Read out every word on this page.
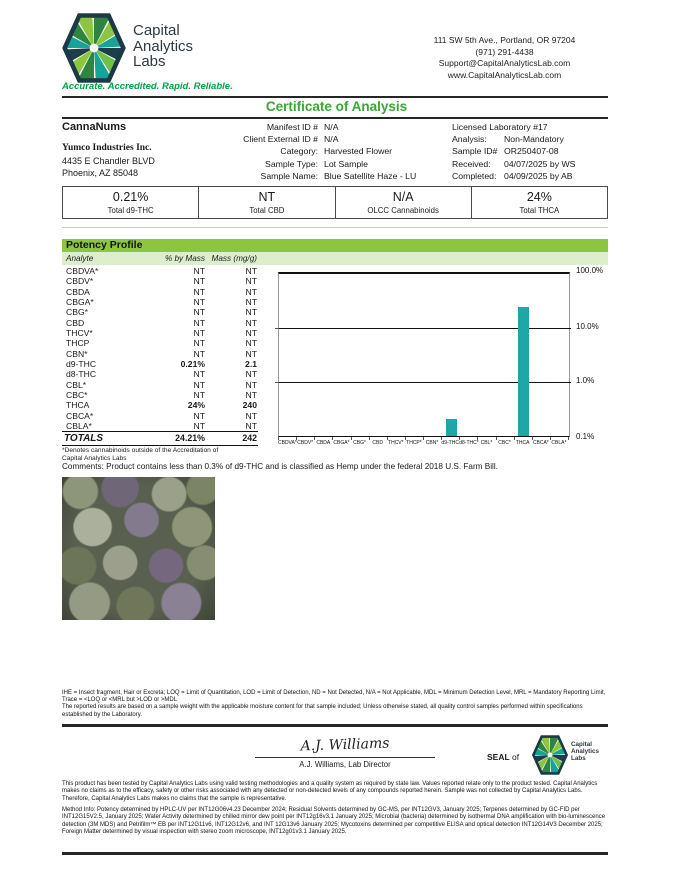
Capital
Analytics
Labs
111 SW 5th Ave., Portland, OR 97204
(971) 291-4438
Support@CapitalAnalyticsLab.com
www.CapitalAnalyticsLab.com
Accurate. Accredited. Rapid. Reliable.
Certificate of Analysis
CannaNums
Yumco Industries Inc.
4435 E Chandler BLVD
Phoenix, AZ 85048
Manifest ID # N/A
Client External ID # N/A
Category: Harvested Flower
Sample Type: Lot Sample
Sample Name: Blue Satellite Haze - LU
Licensed Laboratory #17
Analysis:	Non-Mandatory
Sample ID# OR250407-08
Received:	04/07/2025 by WS
Completed: 04/09/2025 by AB
0.21%
Total d9-THC
NT
Total CBD
N/A
OLCC Cannabinoids
24%
Total THCA
Potency Profile
Analyte	% by Mass Mass (mg/g)
CBDVA*	NT	NT
CBDV*	NT	NT
CBDA	NT	NT
CBGA*	NT	NT
CBG*	NT	NT
CBD	NT	NT
THCV*	NT	NT
THCP	NT	NT
CBN*	NT	NT
d9-THC	0.21%	2.1
d8-THC	NT	NT
CBL*	NT	NT
CBC*	NT	NT
THCA	24%	240
CBCA*	NT	NT
CBLA*	NT	NT
TOTALS	24.21%	242
*Denotes cannabinoids outside of the Accreditation of Capital Analytics Labs
100.0%
10.0%
1.0%
0.1%
CBDVA* CBDV* CBDA CBGA* CBG*	CBD	THCV* THCP* CBN* d9-THC d8-THC* CBL*	CBC*	THCA CBCA* CBLA*
Comments: Product contains less than 0.3% of d9-THC and is classified as Hemp under the federal 2018 U.S. Farm Bill.

IHE = Insect fragment, Hair or Excreta; LOQ = Limit of Quantitation, LOD = Limit of Detection, ND = Not Detected, N/A = Not Applicable, MDL = Minimum Detection Level, MRL = Mandatory Reporting Limit, Trace = <LOQ or <MRL but >LOD or >MDL

The reported results are based on a sample weight with the applicable moisture content for that sample included; Unless otherwise stated, all quality control samples performed within specifications established by the Laboratory.

A.J. Williams
A.J. Williams, Lab Director
SEAL of
Capital
Analytics
Labs
This product has been tested by Capital Analytics Labs using valid testing methodologies and a quality system as required by state law. Values reported relate only to the product tested. Capital Analytics makes no claims as to the efficacy, safety or other risks associated with any detected or non-detected levels of any compounds reported herein. Sample was not collected by Capital Analytics Labs. Therefore, Capital Analytics Labs makes no claims that the sample is representative.
Method Info: Potency determined by HPLC-UV per INT12G06v4.23 December 2024; Residual Solvents determined by GC-MS, per INT12GV3, January 2025; Terpenes determined by GC-FID per INT12G15V2.5, January 2025; Water Activity determined by chilled mirror dew point per INT12g16v3.1 January 2025; Microbial (bacteria) determined by isothermal DNA amplification with bio-luminescence detection (3M MDS) and Petrifilm™ EB per INT12G11v6, INT12G12v6, and INT 12G13v6 January 2025; Mycotoxins determined per competitive ELISA and optical detection INT12G14V3 December 2025; Foreign Matter determined by visual inspection with stereo zoom microscope, INT12g01v3.1 January 2025.
